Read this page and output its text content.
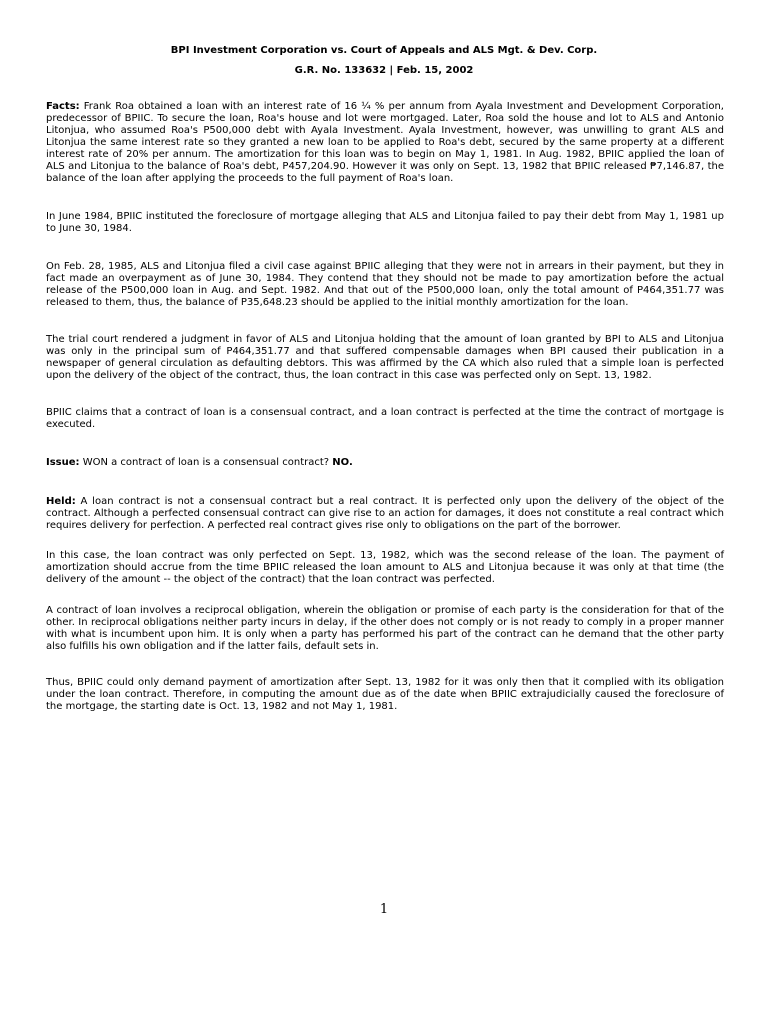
BPI Investment Corporation vs. Court of Appeals and ALS Mgt. & Dev. Corp.
G.R. No. 133632 | Feb. 15, 2002
Facts: Frank Roa obtained a loan with an interest rate of 16 ¼ % per annum from Ayala Investment and Development Corporation, predecessor of BPIIC. To secure the loan, Roa's house and lot were mortgaged. Later, Roa sold the house and lot to ALS and Antonio Litonjua, who assumed Roa's P500,000 debt with Ayala Investment. Ayala Investment, however, was unwilling to grant ALS and Litonjua the same interest rate so they granted a new loan to be applied to Roa's debt, secured by the same property at a different interest rate of 20% per annum. The amortization for this loan was to begin on May 1, 1981. In Aug. 1982, BPIIC applied the loan of ALS and Litonjua to the balance of Roa's debt, P457,204.90. However it was only on Sept. 13, 1982 that BPIIC released ₱7,146.87, the balance of the loan after applying the proceeds to the full payment of Roa's loan.
In June 1984, BPIIC instituted the foreclosure of mortgage alleging that ALS and Litonjua failed to pay their debt from May 1, 1981 up to June 30, 1984.
On Feb. 28, 1985, ALS and Litonjua filed a civil case against BPIIC alleging that they were not in arrears in their payment, but they in fact made an overpayment as of June 30, 1984. They contend that they should not be made to pay amortization before the actual release of the P500,000 loan in Aug. and Sept. 1982. And that out of the P500,000 loan, only the total amount of P464,351.77 was released to them, thus, the balance of P35,648.23 should be applied to the initial monthly amortization for the loan.
The trial court rendered a judgment in favor of ALS and Litonjua holding that the amount of loan granted by BPI to ALS and Litonjua was only in the principal sum of P464,351.77 and that suffered compensable damages when BPI caused their publication in a newspaper of general circulation as defaulting debtors. This was affirmed by the CA which also ruled that a simple loan is perfected upon the delivery of the object of the contract, thus, the loan contract in this case was perfected only on Sept. 13, 1982.
BPIIC claims that a contract of loan is a consensual contract, and a loan contract is perfected at the time the contract of mortgage is executed.
Issue: WON a contract of loan is a consensual contract? NO.
Held: A loan contract is not a consensual contract but a real contract. It is perfected only upon the delivery of the object of the contract. Although a perfected consensual contract can give rise to an action for damages, it does not constitute a real contract which requires delivery for perfection. A perfected real contract gives rise only to obligations on the part of the borrower.
In this case, the loan contract was only perfected on Sept. 13, 1982, which was the second release of the loan. The payment of amortization should accrue from the time BPIIC released the loan amount to ALS and Litonjua because it was only at that time (the delivery of the amount -- the object of the contract) that the loan contract was perfected.
A contract of loan involves a reciprocal obligation, wherein the obligation or promise of each party is the consideration for that of the other. In reciprocal obligations neither party incurs in delay, if the other does not comply or is not ready to comply in a proper manner with what is incumbent upon him. It is only when a party has performed his part of the contract can he demand that the other party also fulfills his own obligation and if the latter fails, default sets in.
Thus, BPIIC could only demand payment of amortization after Sept. 13, 1982 for it was only then that it complied with its obligation under the loan contract. Therefore, in computing the amount due as of the date when BPIIC extrajudicially caused the foreclosure of the mortgage, the starting date is Oct. 13, 1982 and not May 1, 1981.
1
